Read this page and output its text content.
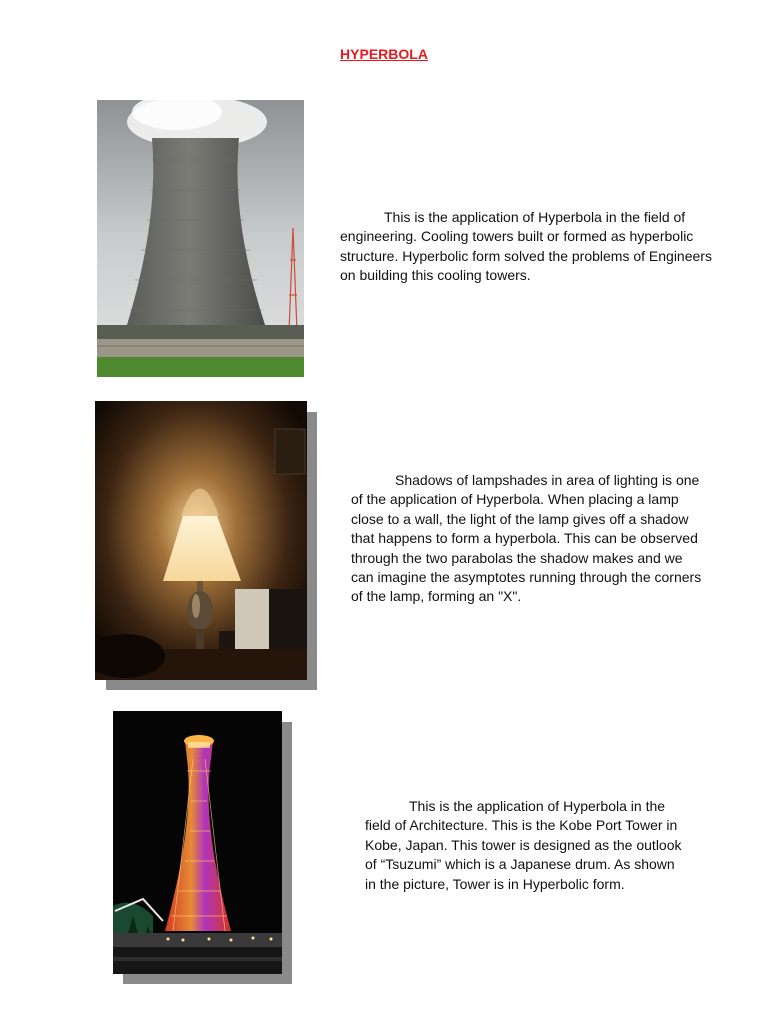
HYPERBOLA
This is the application of Hyperbola in the field of engineering. Cooling towers built or formed as hyperbolic structure. Hyperbolic form solved the problems of Engineers on building this cooling towers.
Shadows of lampshades in area of lighting is one of the application of Hyperbola. When placing a lamp close to a wall, the light of the lamp gives off a shadow that happens to form a hyperbola. This can be observed through the two parabolas the shadow makes and we can imagine the asymptotes running through the corners of the lamp, forming an "X".
This is the application of Hyperbola in the field of Architecture. This is the Kobe Port Tower in Kobe, Japan. This tower is designed as the outlook of “Tsuzumi” which is a Japanese drum. As shown in the picture, Tower is in Hyperbolic form.
